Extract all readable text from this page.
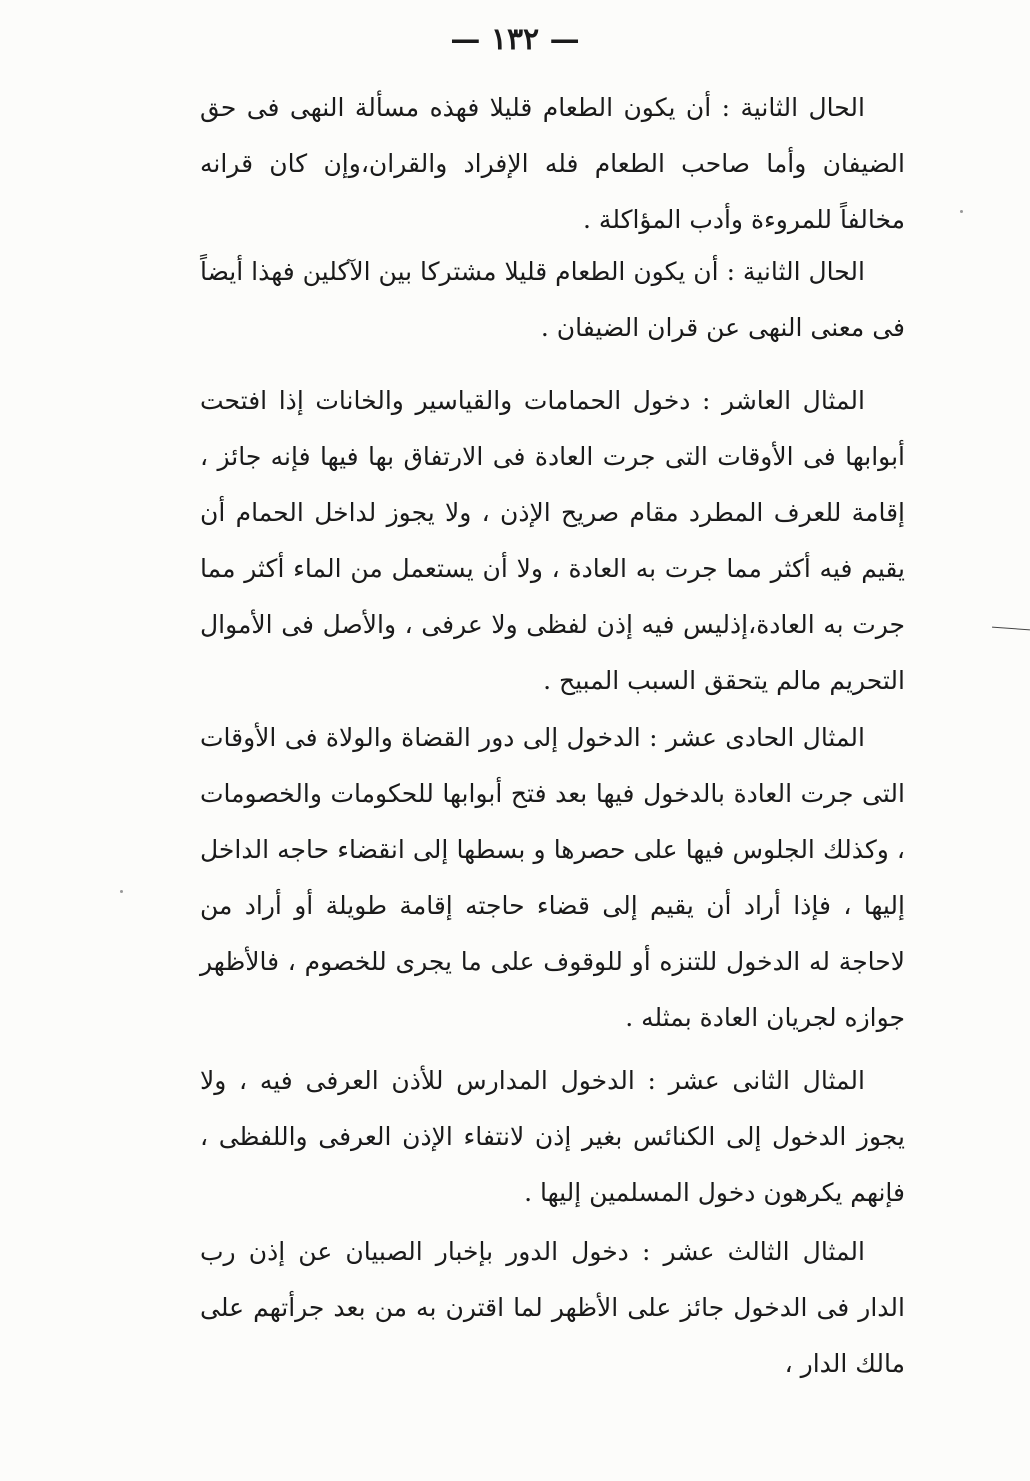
— ١٣٢ —

الحال الثانية : أن يكون الطعام قليلا فهذه مسألة النهى فى حق الضيفان وأما صاحب الطعام فله الإفراد والقران،وإن كان قرانه مخالفاً للمروءة وأدب المؤاكلة .

الحال الثانية : أن يكون الطعام قليلا مشتركا بين الآكلين فهذا أيضاً فى معنى النهى عن قران الضيفان .

المثال العاشر : دخول الحمامات والقياسير والخانات إذا افتحت أبوابها فى الأوقات التى جرت العادة فى الارتفاق بها فيها فإنه جائز ، إقامة للعرف المطرد مقام صريح الإذن ، ولا يجوز لداخل الحمام أن يقيم فيه أكثر مما جرت به العادة ، ولا أن يستعمل من الماء أكثر مما جرت به العادة،إذليس فيه إذن لفظى ولا عرفى ، والأصل فى الأموال التحريم مالم يتحقق السبب المبيح .

المثال الحادى عشر : الدخول إلى دور القضاة والولاة فى الأوقات التى جرت العادة بالدخول فيها بعد فتح أبوابها للحكومات والخصومات ، وكذلك الجلوس فيها على حصرها و بسطها إلى انقضاء حاجه الداخل إليها ، فإذا أراد أن يقيم إلى قضاء حاجته إقامة طويلة أو أراد من لاحاجة له الدخول للتنزه أو للوقوف على ما يجرى للخصوم ، فالأظهر جوازه لجريان العادة بمثله .

المثال الثانى عشر : الدخول المدارس للأذن العرفى فيه ، ولا يجوز الدخول إلى الكنائس بغير إذن لانتفاء الإذن العرفى واللفظى ، فإنهم يكرهون دخول المسلمين إليها .

المثال الثالث عشر : دخول الدور بإخبار الصبيان عن إذن رب الدار فى الدخول جائز على الأظهر لما اقترن به من بعد جرأتهم على مالك الدار ،
